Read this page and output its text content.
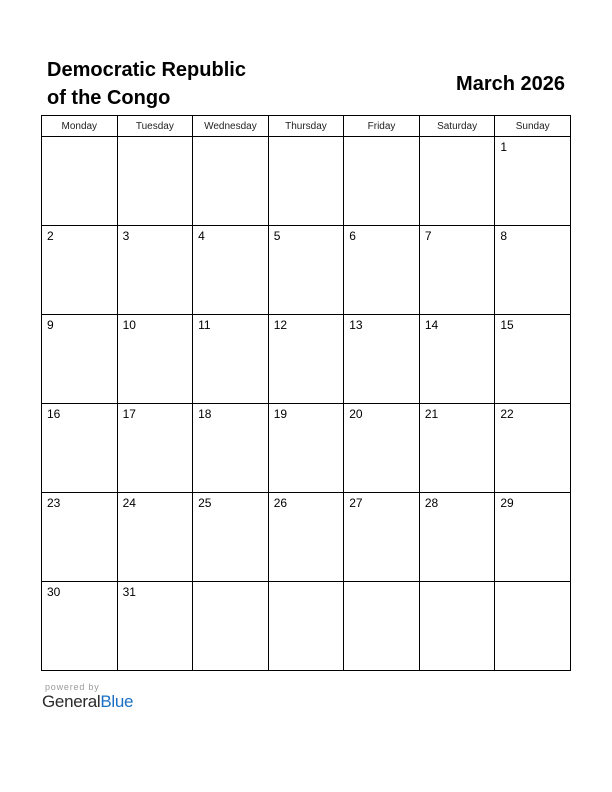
Democratic Republic
of the Congo
March 2026
Monday	Tuesday	Wednesday	Thursday	Friday	Saturday	Sunday

						1

2	3	4	5	6	7	8

9	10	11	12	13	14	15

16	17	18	19	20	21	22

23	24	25	26	27	28	29

30	31					

powered by
GeneralBlue
